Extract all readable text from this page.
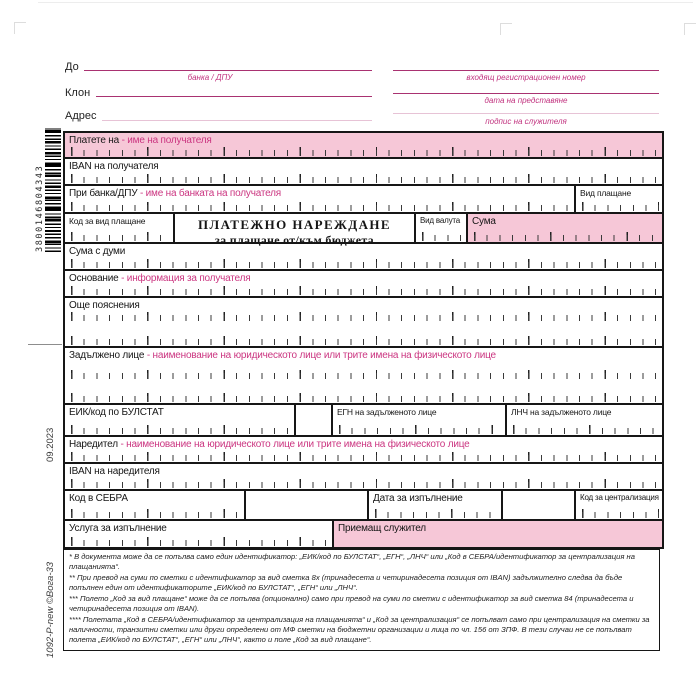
3800146804343
09.2023
1092-P-new ©Вога-33
До
банка / ДПУ
Клон
Адрес
входящ регистрационен номер
дата на представяне
подпис на служителя
Платете на - име на получателя
IBAN на получателя
При банка/ДПУ - име на банката на получателя	Вид плащане
Код за вид плащане	ПЛАТЕЖНО НАРЕЖДАНЕ
за плащане от/към бюджета
Вид валута Сума
Сума с думи
Основание - информация за получателя
Още пояснения
Задължено лице - наименование на юридическото лице или трите имена на физическото лице
ЕИК/код по БУЛСТАТ	ЕГН на задълженото лице	ЛНЧ на задълженото лице
Наредител - наименование на юридическото лице или трите имена на физическото лице
IBAN на наредителя
Код в СЕБРА	Дата за изпълнение	Код за централизация
Услуга за изпълнение	Приемащ служител

* В документа може да се попълва само един идентификатор: „ЕИК/код по БУЛСТАТ“, „ЕГН“, „ЛНЧ“ или „Код в СЕБРА/идентификатор за централизация на плащанията“.

** При превод на суми по сметки с идентификатор за вид сметка 8x (тринадесета и четиринадесета позиция от IBAN) задължително следва да бъде попълнен един от идентификаторите „ЕИК/код по БУЛСТАТ“, „ЕГН“ или „ЛНЧ“.

*** Полето „Код за вид плащане“ може да се попълва (опционално) само при превод на суми по сметки с идентификатор за вид сметка 84 (тринадесета и четиринадесета позиция от IBAN).

**** Полетата „Код в СЕБРА/идентификатор за централизация на плащанията“ и „Код за централизация“ се попълват само при централизация на сметки за наличности, транзитни сметки или други определени от МФ сметки на бюджетни организации и лица по чл. 156 от ЗПФ. В тези случаи не се попълват полета „ЕИК/код по БУЛСТАТ“, „ЕГН“ или „ЛНЧ“, както и поле „Код за вид плащане“.
